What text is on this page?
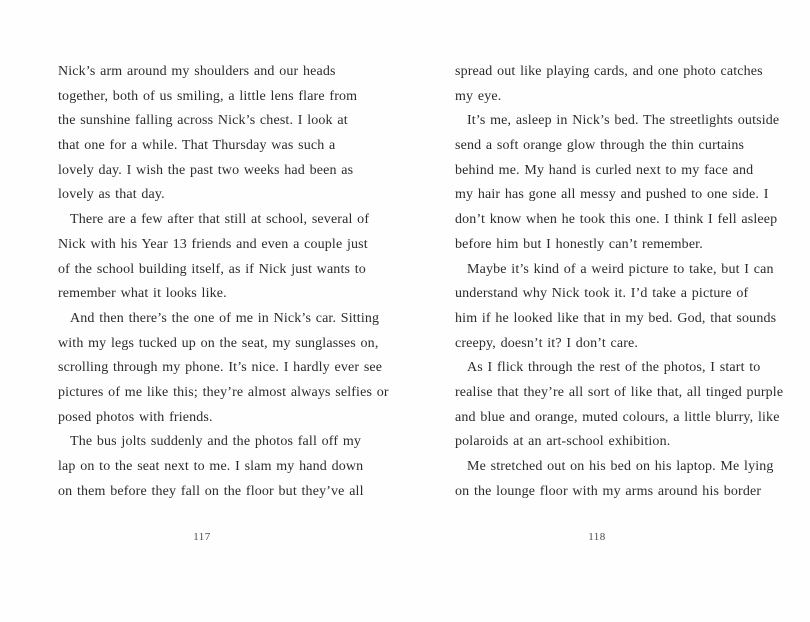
Nick’s arm around my shoulders and our heads
together, both of us smiling, a little lens flare from
the sunshine falling across Nick’s chest. I look at
that one for a while. That Thursday was such a
lovely day. I wish the past two weeks had been as
lovely as that day.
There are a few after that still at school, several of
Nick with his Year 13 friends and even a couple just
of the school building itself, as if Nick just wants to
remember what it looks like.
And then there’s the one of me in Nick’s car. Sitting
with my legs tucked up on the seat, my sunglasses on,
scrolling through my phone. It’s nice. I hardly ever see
pictures of me like this; they’re almost always selfies or
posed photos with friends.
The bus jolts suddenly and the photos fall off my
lap on to the seat next to me. I slam my hand down
on them before they fall on the floor but they’ve all
117
spread out like playing cards, and one photo catches
my eye.
It’s me, asleep in Nick’s bed. The streetlights outside
send a soft orange glow through the thin curtains
behind me. My hand is curled next to my face and
my hair has gone all messy and pushed to one side. I
don’t know when he took this one. I think I fell asleep
before him but I honestly can’t remember.
Maybe it’s kind of a weird picture to take, but I can
understand why Nick took it. I’d take a picture of
him if he looked like that in my bed. God, that sounds
creepy, doesn’t it? I don’t care.
As I flick through the rest of the photos, I start to
realise that they’re all sort of like that, all tinged purple
and blue and orange, muted colours, a little blurry, like
polaroids at an art-school exhibition.
Me stretched out on his bed on his laptop. Me lying
on the lounge floor with my arms around his border
118
